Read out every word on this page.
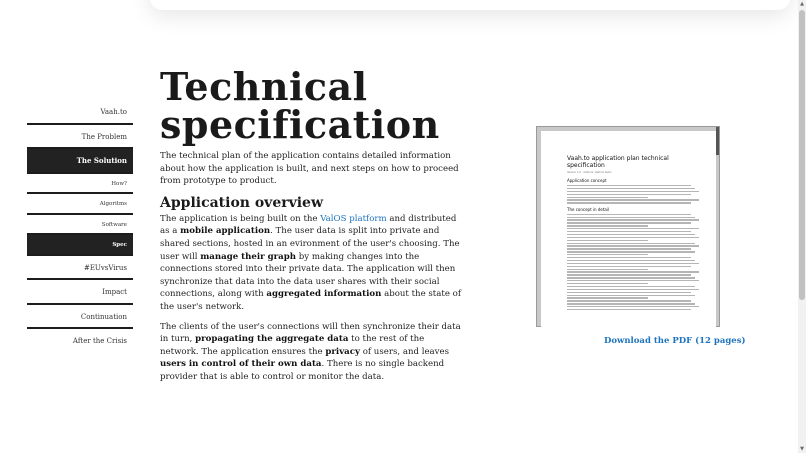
Vaah.to
The Problem
The Solution
How?
Algoritms
Software
Spec
#EUvsVirus
Impact
Continuation
After the Crisis
Technical
specification

The technical plan of the application contains detailed information about how the application is built, and next steps on how to proceed from prototype to product.

Application overview

The application is being built on the ValOS platform and distributed as a mobile application. The user data is split into private and shared sections, hosted in an evironment of the user's choosing. The user will manage their graph by making changes into the connections stored into their private data. The application will then synchronize that data into the data user shares with their social connections, along with aggregated information about the state of the user's network.

The clients of the user's connections will then synchronize their data in turn, propagating the aggregate data to the rest of the network. The application ensures the privacy of users, and leaves users in control of their own data. There is no single backend provider that is able to control or monitor the data.

Vaah.to application plan technical specification
Version 1.0 · Authors: Vaah.to team
Application concept
The concept in detail
Download the PDF (12 pages)
▲
▼
